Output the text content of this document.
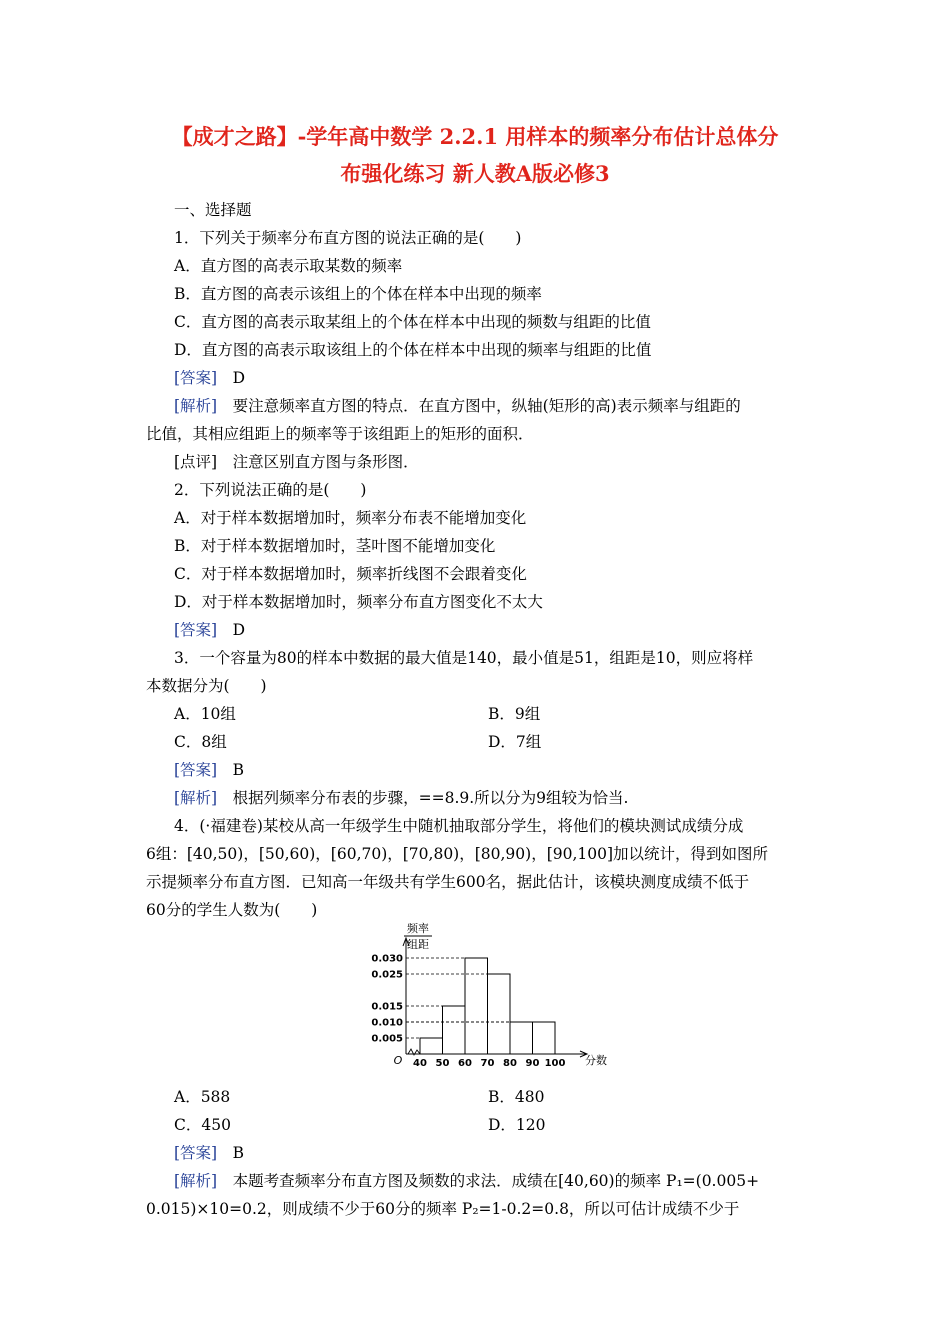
【成才之路】-学年高中数学 2.2.1 用样本的频率分布估计总体分
布强化练习 新人教A版必修3
一、选择题
1．下列关于频率分布直方图的说法正确的是(　　)
A．直方图的高表示取某数的频率
B．直方图的高表示该组上的个体在样本中出现的频率
C．直方图的高表示取某组上的个体在样本中出现的频数与组距的比值
D．直方图的高表示取该组上的个体在样本中出现的频率与组距的比值
[答案]　 D
[解析]　 要注意频率直方图的特点．在直方图中，纵轴(矩形的高)表示频率与组距的
比值，其相应组距上的频率等于该组距上的矩形的面积．
[点评]　 注意区别直方图与条形图．
2．下列说法正确的是(　　)
A．对于样本数据增加时，频率分布表不能增加变化
B．对于样本数据增加时，茎叶图不能增加变化
C．对于样本数据增加时，频率折线图不会跟着变化
D．对于样本数据增加时，频率分布直方图变化不太大
[答案]　 D
3．一个容量为80的样本中数据的最大值是140，最小值是51，组距是10，则应将样
本数据分为(　　)
A．10组	B．9组
C．8组	D．7组
[答案]　 B
[解析]　 根据列频率分布表的步骤，==8.9.所以分为9组较为恰当.
4．(·福建卷)某校从高一年级学生中随机抽取部分学生，将他们的模块测试成绩分成
6组：[40,50)，[50,60)，[60,70)，[70,80)，[80,90)，[90,100]加以统计，得到如图所
示提频率分布直方图．已知高一年级共有学生600名，据此估计，该模块测度成绩不低于
60分的学生人数为(　　)
频率
组距
O	分数
0.005
0.010
0.015
0.025
0.030
40 50 60 70 80 90 100
A．588	B．480
C．450	D．120
[答案]　 B
[解析]　 本题考查频率分布直方图及频数的求法．成绩在[40,60)的频率 P₁=(0.005+
0.015)×10=0.2，则成绩不少于60分的频率 P₂=1-0.2=0.8，所以可估计成绩不少于
